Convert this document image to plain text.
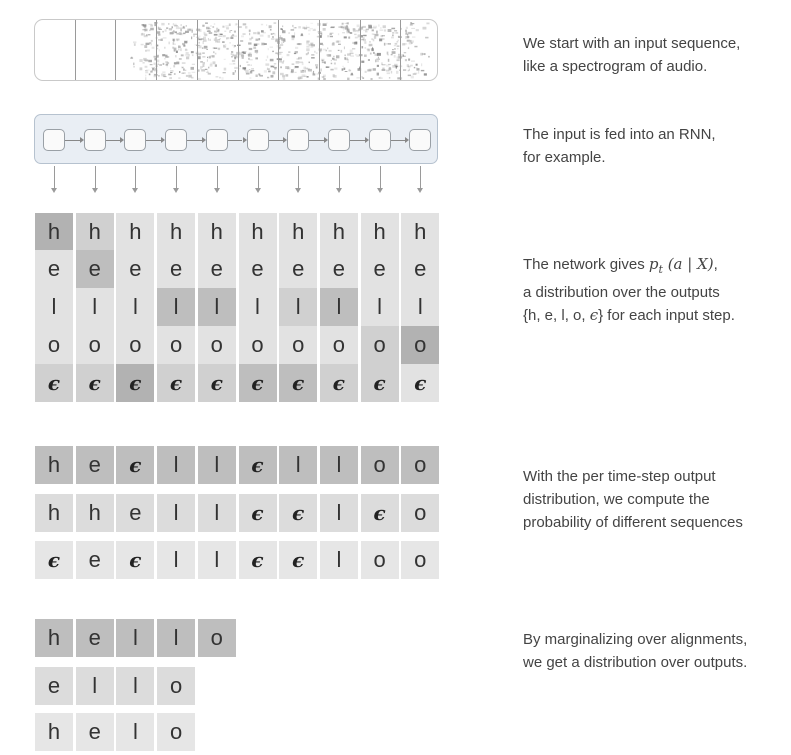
h	h	h	h	h	h	h	h	h	h
e	e	e	e	e	e	e	e	e	e
l	l	l	l	l	l	l	l	l	l
o	o	o	o	o	o	o	o	o	o
ϵ	ϵ	ϵ	ϵ	ϵ	ϵ	ϵ	ϵ	ϵ	ϵ
h	e	ϵ	l	l	ϵ	l	l	o	o
h	h	e	l	l	ϵ	ϵ	l	ϵ	o
ϵ	e	ϵ	l	l	ϵ	ϵ	l	o	o
h	e	l	l	o
e	l	l	o
h	e	l	o
We start with an input sequence,
like a spectrogram of audio.
The input is fed into an RNN,
for example.
The network gives $p_t$ (a | X),
a distribution over the outputs
{h, e, l, o, ϵ} for each input step.
With the per time-step output
distribution, we compute the
probability of different sequences
By marginalizing over alignments,
we get a distribution over outputs.
